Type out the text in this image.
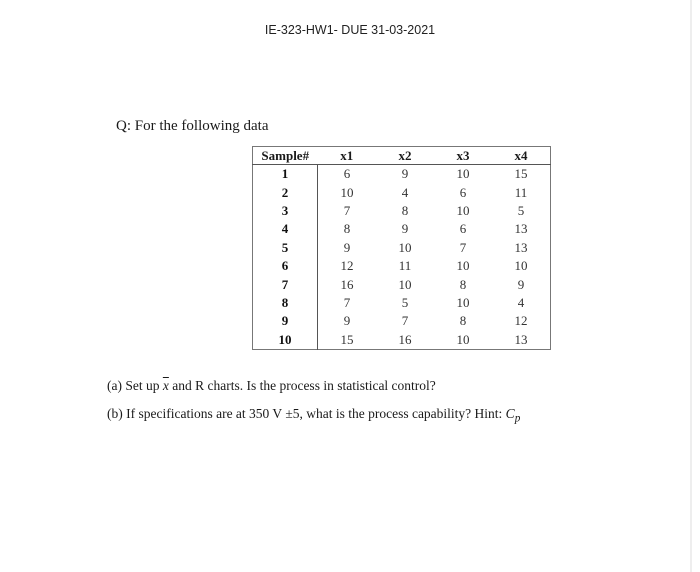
IE-323-HW1- DUE 31-03-2021
Q: For the following data
Sample#	x1	x2	x3	x4
1	6	9	10	15
2	10	4	6	11
3	7	8	10	5
4	8	9	6	13
5	9	10	7	13
6	12	11	10	10
7	16	10	8	9
8	7	5	10	4
9	9	7	8	12
10	15	16	10	13
(a) Set up $\overline{x}$ and R charts. Is the process in statistical control?
(b) If specifications are at 350 V ±5, what is the process capability? Hint: $C_p$
